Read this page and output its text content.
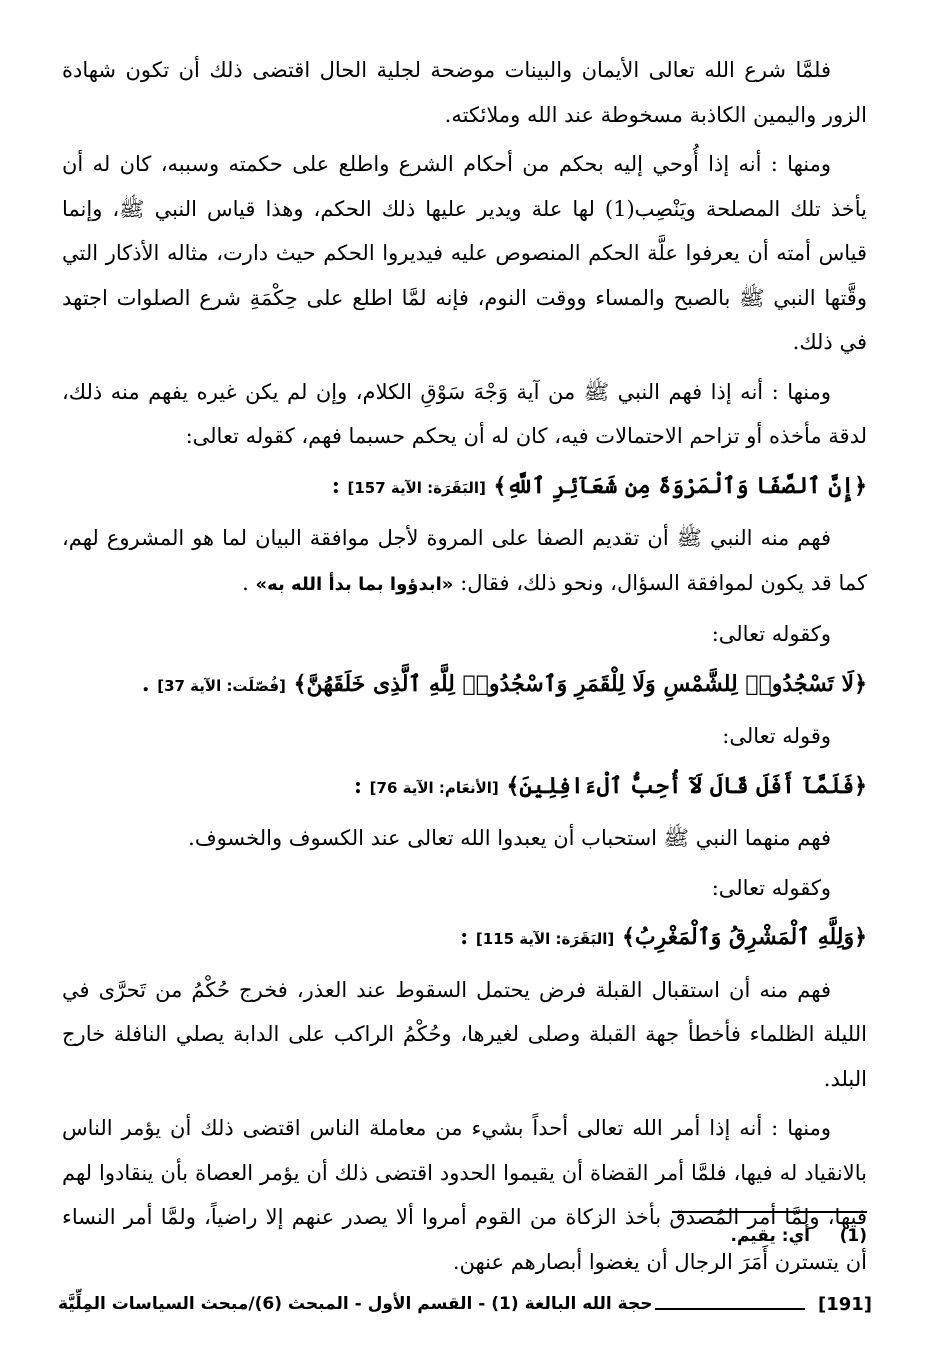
فلمَّا شرع الله تعالى الأيمان والبينات موضحة لجلية الحال اقتضى ذلك أن تكون شهادة الزور واليمين الكاذبة مسخوطة عند الله وملائكته.

ومنها : أنه إذا أُوحي إليه بحكم من أحكام الشرع واطلع على حكمته وسببه، كان له أن يأخذ تلك المصلحة ويَنْصِب(1) لها علة ويدير عليها ذلك الحكم، وهذا قياس النبي ﷺ، وإنما قياس أمته أن يعرفوا علَّة الحكم المنصوص عليه فيديروا الحكم حيث دارت، مثاله الأذكار التي وقَّتها النبي ﷺ بالصبح والمساء ووقت النوم، فإنه لمَّا اطلع على حِكْمَةِ شرع الصلوات اجتهد في ذلك.

ومنها : أنه إذا فهم النبي ﷺ من آية وَجْهَ سَوْقِ الكلام، وإن لم يكن غيره يفهم منه ذلك، لدقة مأخذه أو تزاحم الاحتمالات فيه، كان له أن يحكم حسبما فهم، كقوله تعالى:

﴿إِنَّ ٱلصَّفَا وَٱلْمَرْوَةَ مِن شَعَآئِرِ ٱللَّهِ﴾ [البَقَرَة: الآية 157] :

فهم منه النبي ﷺ أن تقديم الصفا على المروة لأجل موافقة البيان لما هو المشروع لهم، كما قد يكون لموافقة السؤال، ونحو ذلك، فقال: «ابدؤوا بما بدأ الله به» .

وكقوله تعالى:

﴿لَا تَسْجُدُوا۟ لِلشَّمْسِ وَلَا لِلْقَمَرِ وَٱسْجُدُوا۟ لِلَّهِ ٱلَّذِى خَلَقَهُنَّ﴾ [فُصّلَت: الآية 37] .

وقوله تعالى:

﴿فَلَمَّآ أَفَلَ قَالَ لَآ أُحِبُّ ٱلْءَافِلِينَ﴾ [الأنعَام: الآية 76] :

فهم منهما النبي ﷺ استحباب أن يعبدوا الله تعالى عند الكسوف والخسوف.

وكقوله تعالى:

﴿وَلِلَّهِ ٱلْمَشْرِقُ وَٱلْمَغْرِبُ﴾ [البَقَرَة: الآية 115] :

فهم منه أن استقبال القبلة فرض يحتمل السقوط عند العذر، فخرج حُكْمُ من تَحرَّى في الليلة الظلماء فأخطأ جهة القبلة وصلى لغيرها، وحُكْمُ الراكب على الدابة يصلي النافلة خارج البلد.

ومنها : أنه إذا أمر الله تعالى أحداً بشيء من معاملة الناس اقتضى ذلك أن يؤمر الناس بالانقياد له فيها، فلمَّا أمر القضاة أن يقيموا الحدود اقتضى ذلك أن يؤمر العصاة بأن ينقادوا لهم فيها، ولمَّا أمر المُصدق بأخذ الزكاة من القوم أمروا ألا يصدر عنهم إلا راضياً، ولمَّا أمر النساء أن يتسترن أَمَرَ الرجال أن يغضوا أبصارهم عنهن.

(1)     أي: يقيم.
حجة الله البالغة (1) - القسم الأول - المبحث (6)/مبحث السياسات المِلِّيَّة	[191]
